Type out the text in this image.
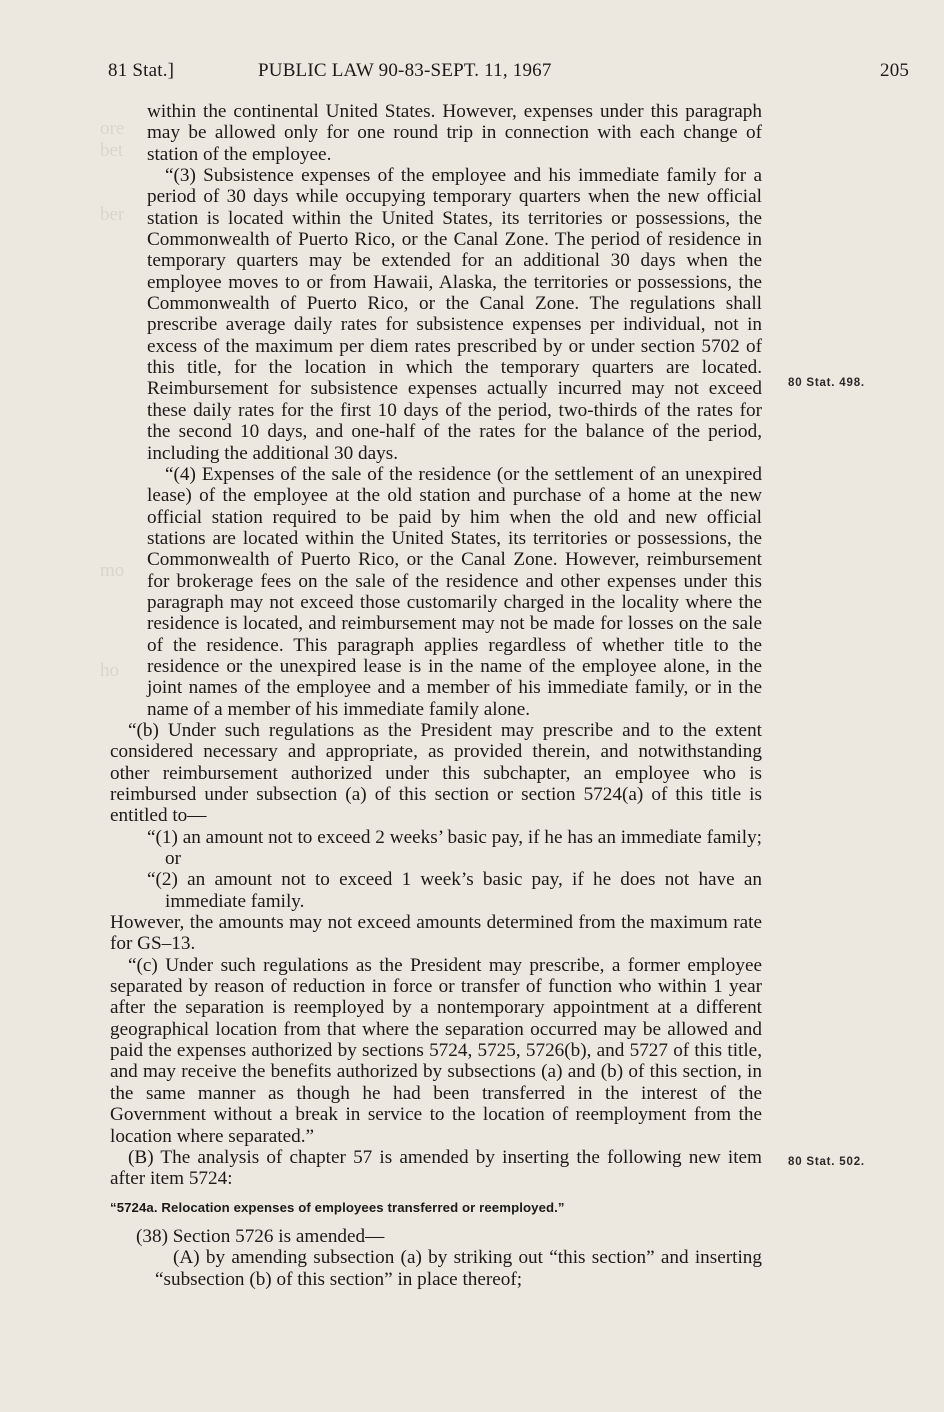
ore
bet
ber
mo
ho
81 Stat.]	PUBLIC LAW 90-83-SEPT. 11, 1967	205
80 Stat. 498.
80 Stat. 502.

within the continental United States. However, expenses under this paragraph may be allowed only for one round trip in connection with each change of station of the employee.

“(3) Subsistence expenses of the employee and his immediate family for a period of 30 days while occupying temporary quarters when the new official station is located within the United States, its territories or possessions, the Commonwealth of Puerto Rico, or the Canal Zone. The period of residence in temporary quarters may be extended for an additional 30 days when the employee moves to or from Hawaii, Alaska, the territories or possessions, the Commonwealth of Puerto Rico, or the Canal Zone. The regulations shall prescribe average daily rates for subsistence expenses per individual, not in excess of the maximum per diem rates prescribed by or under section 5702 of this title, for the location in which the temporary quarters are located. Reimbursement for subsistence expenses actually incurred may not exceed these daily rates for the first 10 days of the period, two-thirds of the rates for the second 10 days, and one-half of the rates for the balance of the period, including the additional 30 days.

“(4) Expenses of the sale of the residence (or the settlement of an unexpired lease) of the employee at the old station and purchase of a home at the new official station required to be paid by him when the old and new official stations are located within the United States, its territories or possessions, the Commonwealth of Puerto Rico, or the Canal Zone. However, reimbursement for brokerage fees on the sale of the residence and other expenses under this paragraph may not exceed those customarily charged in the locality where the residence is located, and reimbursement may not be made for losses on the sale of the residence. This paragraph applies regardless of whether title to the residence or the unexpired lease is in the name of the employee alone, in the joint names of the employee and a member of his immediate family, or in the name of a member of his immediate family alone.

“(b) Under such regulations as the President may prescribe and to the extent considered necessary and appropriate, as provided therein, and notwithstanding other reimbursement authorized under this subchapter, an employee who is reimbursed under subsection (a) of this section or section 5724(a) of this title is entitled to—

“(1) an amount not to exceed 2 weeks’ basic pay, if he has an immediate family; or

“(2) an amount not to exceed 1 week’s basic pay, if he does not have an immediate family.

However, the amounts may not exceed amounts determined from the maximum rate for GS–13.

“(c) Under such regulations as the President may prescribe, a former employee separated by reason of reduction in force or transfer of function who within 1 year after the separation is reemployed by a nontemporary appointment at a different geographical location from that where the separation occurred may be allowed and paid the expenses authorized by sections 5724, 5725, 5726(b), and 5727 of this title, and may receive the benefits authorized by subsections (a) and (b) of this section, in the same manner as though he had been transferred in the interest of the Government without a break in service to the location of reemployment from the location where separated.”

(B) The analysis of chapter 57 is amended by inserting the following new item after item 5724:

“5724a. Relocation expenses of employees transferred or reemployed.”

(38) Section 5726 is amended—

(A) by amending subsection (a) by striking out “this section” and inserting “subsection (b) of this section” in place thereof;
